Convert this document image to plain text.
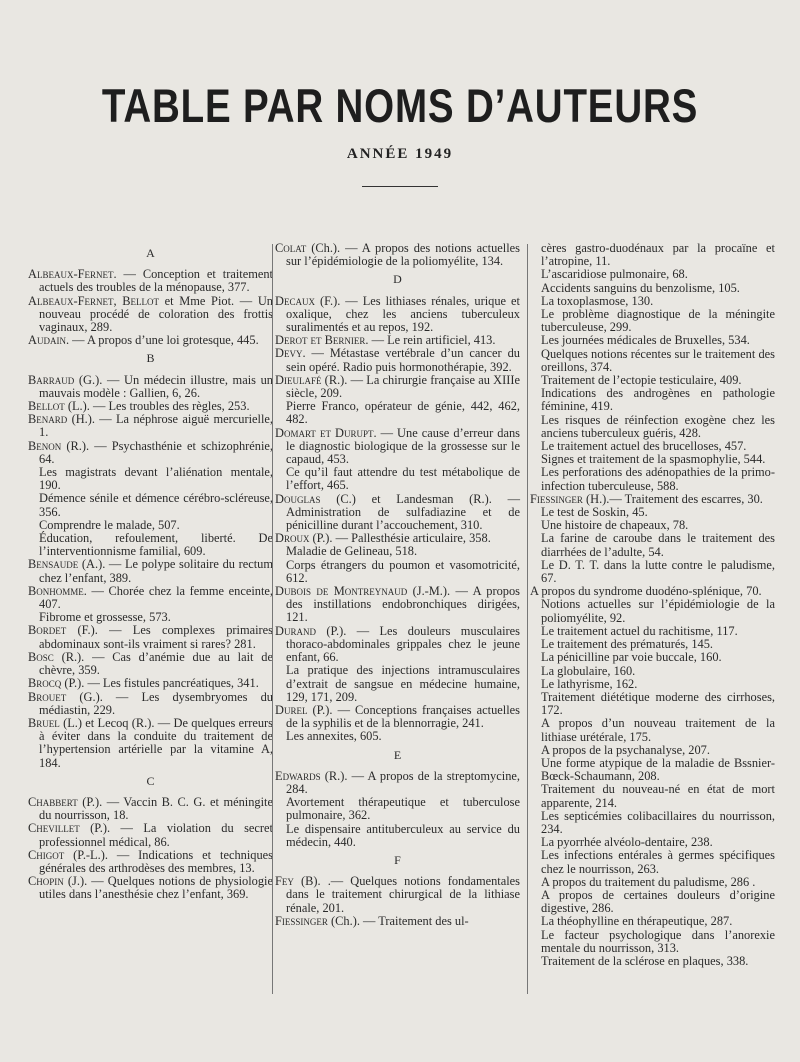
TABLE PAR NOMS D’AUTEURS
ANNÉE 1949
A

Albeaux-Fernet. — Conception et traitement actuels des troubles de la ménopause, 377.

Albeaux-Fernet, Bellot et Mme Piot. — Un nouveau procédé de coloration des frottis vaginaux, 289.

Audain. — A propos d’une loi grotesque, 445.

B

Barraud (G.). — Un médecin illustre, mais un mauvais modèle : Gallien, 6, 26.

Bellot (L.). — Les troubles des règles, 253.

Benard (H.). — La néphrose aiguë mercurielle, 1.

Benon (R.). — Psychasthénie et schizophrénie, 64.

Les magistrats devant l’aliénation mentale, 190.

Démence sénile et démence cérébro-scléreuse, 356.

Comprendre le malade, 507.

Éducation, refoulement, liberté. De l’interventionnisme familial, 609.

Bensaude (A.). — Le polype solitaire du rectum chez l’enfant, 389.

Bonhomme. — Chorée chez la femme enceinte, 407.

Fibrome et grossesse, 573.

Bordet (F.). — Les complexes primaires abdominaux sont-ils vraiment si rares? 281.

Bosc (R.). — Cas d’anémie due au lait de chèvre, 359.

Brocq (P.). — Les fistules pancréatiques, 341.

Brouet (G.). — Les dysembryomes du médiastin, 229.

Bruel (L.) et Lecoq (R.). — De quelques erreurs à éviter dans la conduite du traitement de l’hypertension artérielle par la vitamine A, 184.

C

Chabbert (P.). — Vaccin B. C. G. et méningite du nourrisson, 18.

Chevillet (P.). — La violation du secret professionnel médical, 86.

Chigot (P.-L.). — Indications et techniques générales des arthrodèses des membres, 13.

Chopin (J.). — Quelques notions de physiologie utiles dans l’anesthésie chez l’enfant, 369.

Colat (Ch.). — A propos des notions actuelles sur l’épidémiologie de la poliomyélite, 134.

D

Decaux (F.). — Les lithiases rénales, urique et oxalique, chez les anciens tuberculeux suralimentés et au repos, 192.

Derot et Bernier. — Le rein artificiel, 413.

Devy. — Métastase vertébrale d’un cancer du sein opéré. Radio puis hormonothérapie, 392.

Dieulafé (R.). — La chirurgie française au XIIIe siècle, 209.

Pierre Franco, opérateur de génie, 442, 462, 482.

Domart et Durupt. — Une cause d’erreur dans le diagnostic biologique de la grossesse sur le capaud, 453.

Ce qu’il faut attendre du test métabolique de l’effort, 465.

Douglas (C.) et Landesman (R.). — Administration de sulfadiazine et de pénicilline durant l’accouchement, 310.

Droux (P.). — Pallesthésie articulaire, 358.

Maladie de Gelineau, 518.

Corps étrangers du poumon et vasomotricité, 612.

Dubois de Montreynaud (J.-M.). — A propos des instillations endobronchiques dirigées, 121.

Durand (P.). — Les douleurs musculaires thoraco-abdominales grippales chez le jeune enfant, 66.

La pratique des injections intramusculaires d’extrait de sangsue en médecine humaine, 129, 171, 209.

Durel (P.). — Conceptions françaises actuelles de la syphilis et de la blennorragie, 241.

Les annexites, 605.

E

Edwards (R.). — A propos de la streptomycine, 284.

Avortement thérapeutique et tuberculose pulmonaire, 362.

Le dispensaire antituberculeux au service du médecin, 440.

F

Fey (B). .— Quelques notions fondamentales dans le traitement chirurgical de la lithiase rénale, 201.

Fiessinger (Ch.). — Traitement des ul-

cères gastro-duodénaux par la procaïne et l’atropine, 11.

L’ascaridiose pulmonaire, 68.

Accidents sanguins du benzolisme, 105.

La toxoplasmose, 130.

Le problème diagnostique de la méningite tuberculeuse, 299.

Les journées médicales de Bruxelles, 534.

Quelques notions récentes sur le traitement des oreillons, 374.

Traitement de l’ectopie testiculaire, 409.

Indications des androgènes en pathologie féminine, 419.

Les risques de réinfection exogène chez les anciens tuberculeux guéris, 428.

Le traitement actuel des brucelloses, 457.

Signes et traitement de la spasmophylie, 544.

Les perforations des adénopathies de la primo-infection tuberculeuse, 588.

Fiessinger (H.).— Traitement des escarres, 30.

Le test de Soskin, 45.

Une histoire de chapeaux, 78.

La farine de caroube dans le traitement des diarrhées de l’adulte, 54.

Le D. T. T. dans la lutte contre le paludisme, 67.

A propos du syndrome duodéno-splénique, 70.

Notions actuelles sur l’épidémiologie de la poliomyélite, 92.

Le traitement actuel du rachitisme, 117.

Le traitement des prématurés, 145.

La pénicilline par voie buccale, 160.

La globulaire, 160.

Le lathyrisme, 162.

Traitement diététique moderne des cirrhoses, 172.

A propos d’un nouveau traitement de la lithiase urétérale, 175.

A propos de la psychanalyse, 207.

Une forme atypique de la maladie de Bssnier-Bœck-Schaumann, 208.

Traitement du nouveau-né en état de mort apparente, 214.

Les septicémies colibacillaires du nourrisson, 234.

La pyorrhée alvéolo-dentaire, 238.

Les infections entérales à germes spécifiques chez le nourrisson, 263.

A propos du traitement du paludisme, 286 .

A propos de certaines douleurs d’origine digestive, 286.

La théophylline en thérapeutique, 287.

Le facteur psychologique dans l’anorexie mentale du nourrisson, 313.

Traitement de la sclérose en plaques, 338.
